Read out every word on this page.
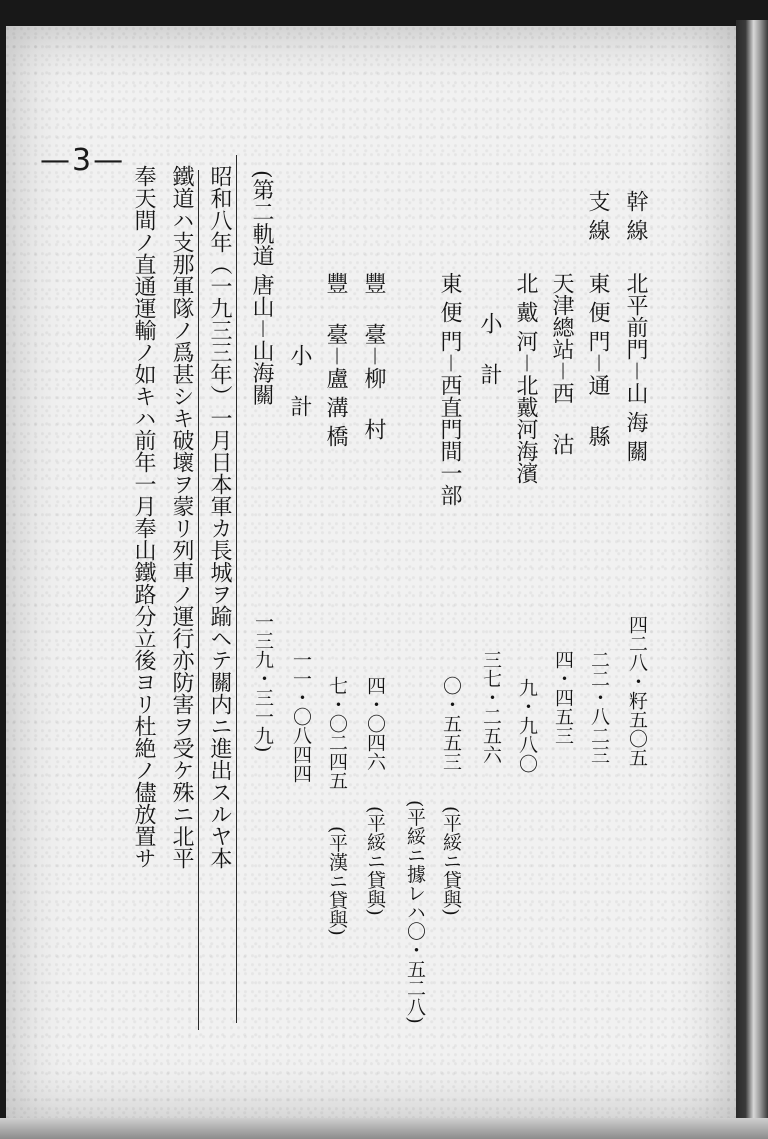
—3—
幹 線
北平前門－山 海 關
四二八・籽五〇五
支 線
東 便 門－通 　縣
二二・八二三
天津總站－西 　沽
四・四五三
北 戴 河－北戴河海濱
九・九八〇
　小 　計
三七・二五六
東 便 門－西直門間一部
〇・五五三
(平綏ニ貸與)
(平綏ニ據レハ〇・五二八)
豐 　臺－柳 　村
四・〇四六
(平綏ニ貸與)
豐 　臺－盧 溝 橋
七・〇二四五
(平漢ニ貸與)
　　小 　計
一一・〇八四四
(第二軌道 唐山－山海關
一三九・三一九)
昭和八年（一九三三年）一月日本軍カ長城ヲ踰ヘテ關内ニ進出スルヤ本
鐵道ハ支那軍隊ノ爲甚シキ破壞ヲ蒙リ列車ノ運行亦防害ヲ受ケ殊ニ北平
奉天間ノ直通運輸ノ如キハ前年一月奉山鐵路分立後ヨリ杜絶ノ儘放置サ
